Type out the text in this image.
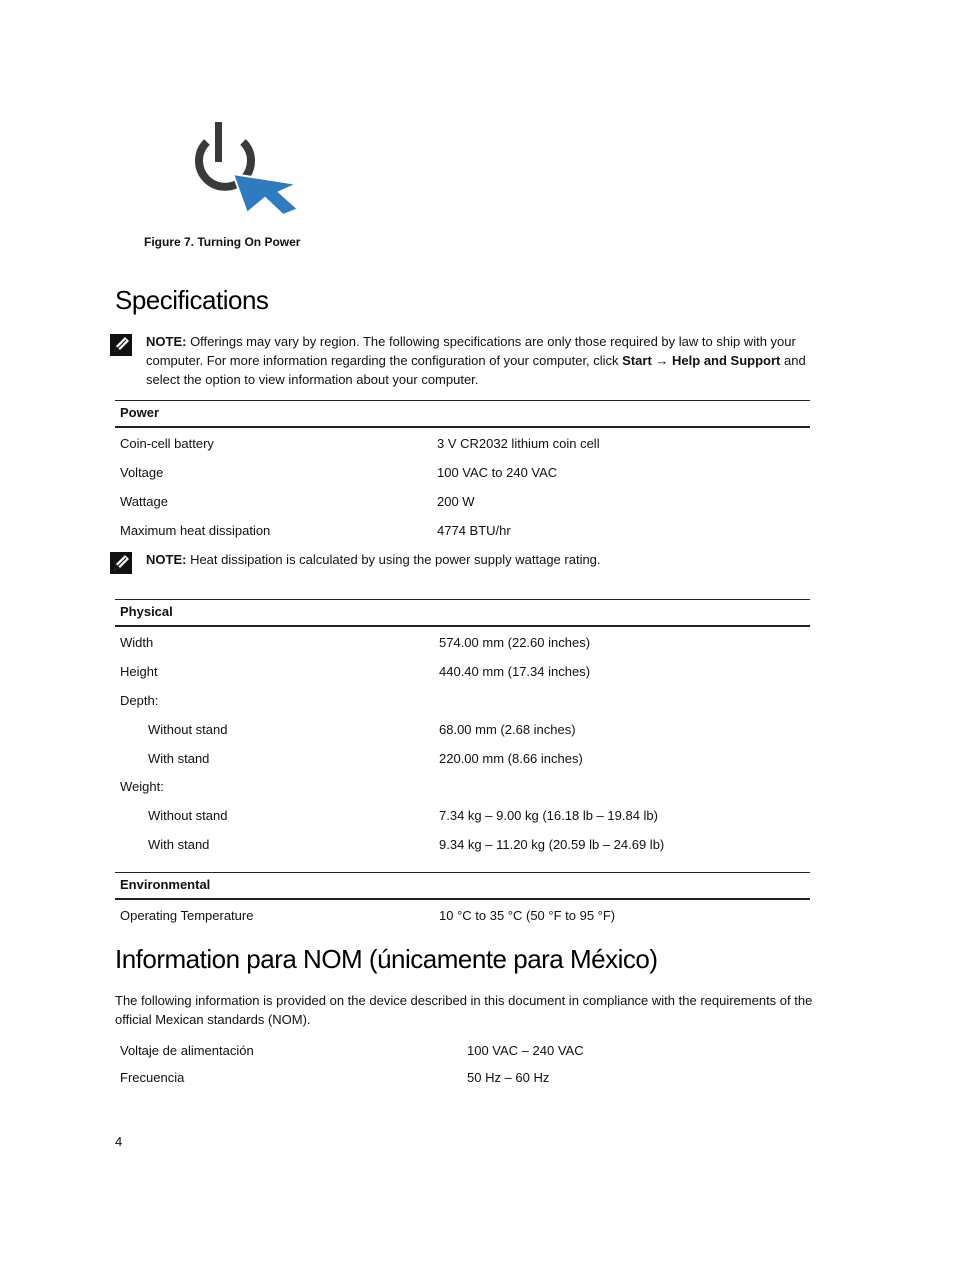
Figure 7. Turning On Power
Specifications
NOTE: Offerings may vary by region. The following specifications are only those required by law to ship with your computer. For more information regarding the configuration of your computer, click Start → Help and Support and select the option to view information about your computer.
Power
Coin-cell battery	3 V CR2032 lithium coin cell
Voltage	100 VAC to 240 VAC
Wattage	200 W
Maximum heat dissipation	4774 BTU/hr
NOTE: Heat dissipation is calculated by using the power supply wattage rating.
Physical
Width	574.00 mm (22.60 inches)
Height	440.40 mm (17.34 inches)
Depth:
Without stand	68.00 mm (2.68 inches)
With stand	220.00 mm (8.66 inches)
Weight:
Without stand	7.34 kg – 9.00 kg (16.18 lb – 19.84 lb)
With stand	9.34 kg – 11.20 kg (20.59 lb – 24.69 lb)
Environmental
Operating Temperature	10 °C to 35 °C (50 °F to 95 °F)
Information para NOM (únicamente para México)
The following information is provided on the device described in this document in compliance with the requirements of the official Mexican standards (NOM).
Voltaje de alimentación	100 VAC – 240 VAC
Frecuencia	50 Hz – 60 Hz
4
